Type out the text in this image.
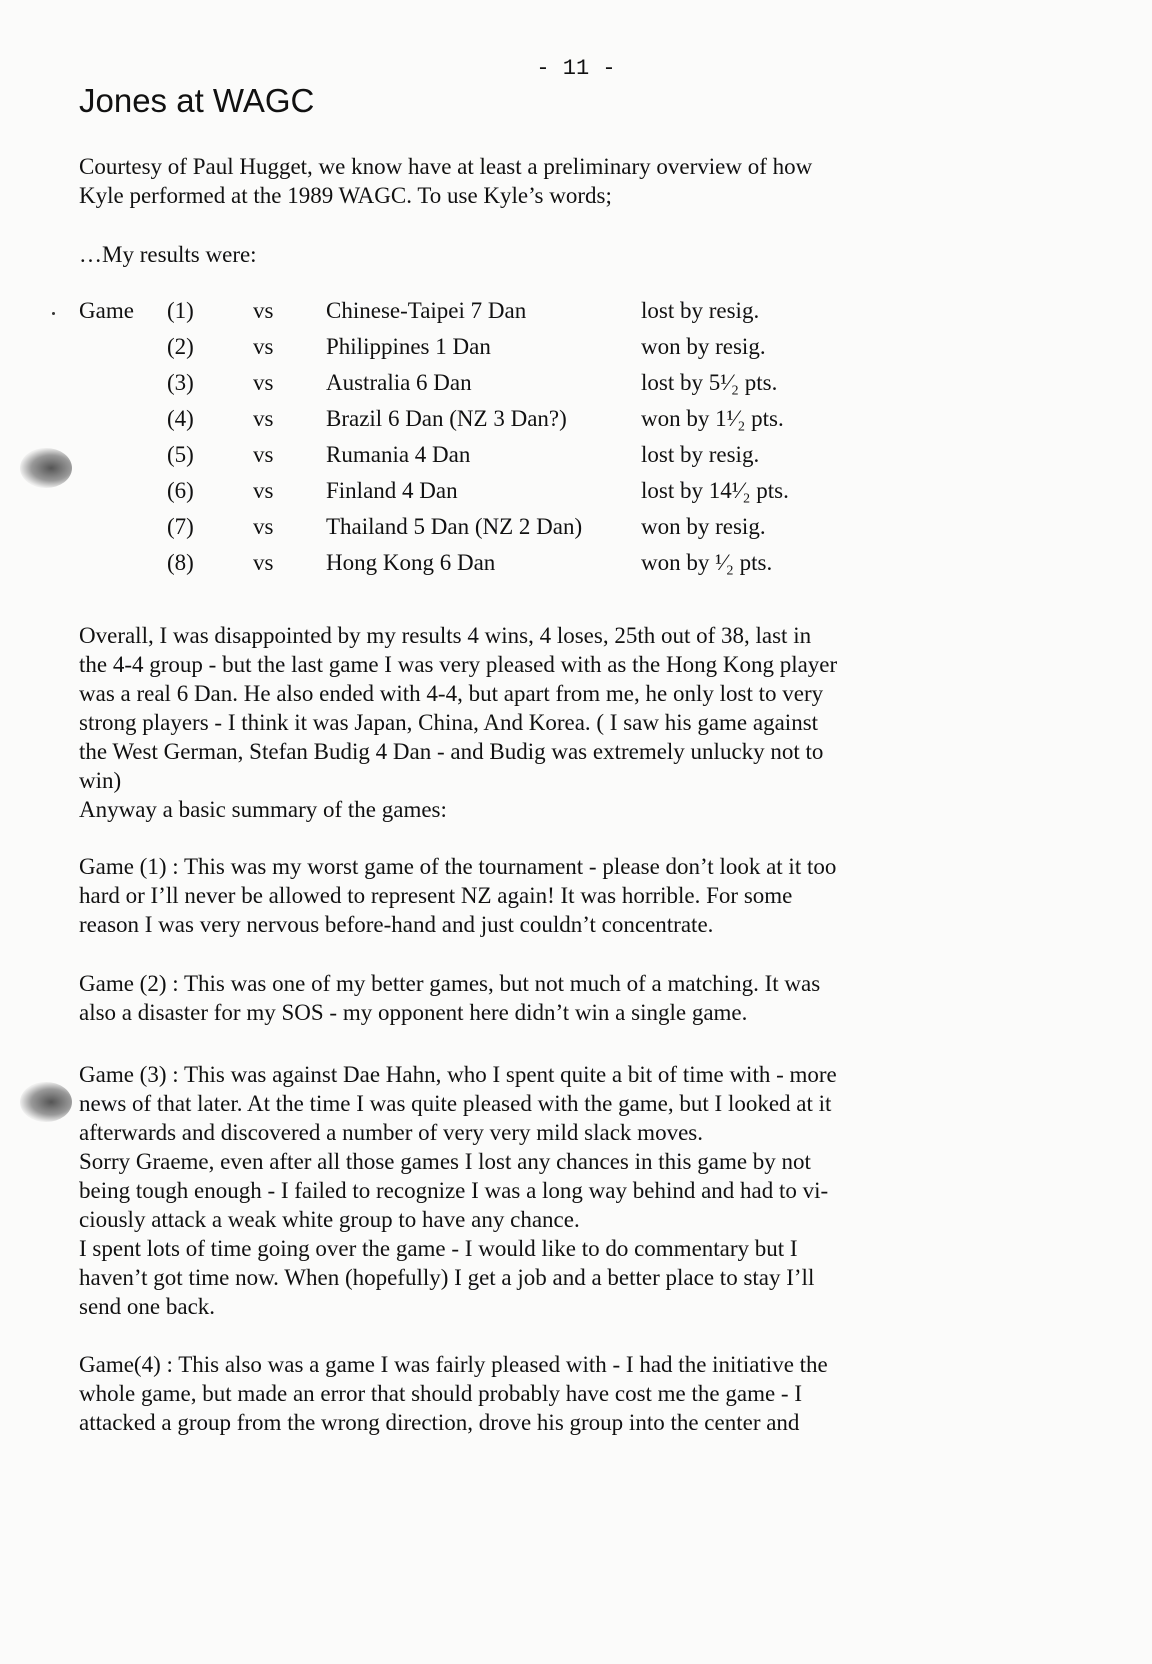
- 11 -
Jones at WAGC
Courtesy of Paul Hugget, we know have at least a preliminary overview of how
Kyle performed at the 1989 WAGC. To use Kyle’s words;
…My results were:
Game (1)	vs Chinese-Taipei 7 Dan	lost by resig.
(2)	vs Philippines 1 Dan	won by resig.
(3)	vs Australia 6 Dan	lost by 5¹⁄₂ pts.
(4)	vs Brazil 6 Dan (NZ 3 Dan?)	won by 1¹⁄₂ pts.
(5)	vs Rumania 4 Dan	lost by resig.
(6)	vs Finland 4 Dan	lost by 14¹⁄₂ pts.
(7)	vs Thailand 5 Dan (NZ 2 Dan)	won by resig.
(8)	vs Hong Kong 6 Dan	won by ¹⁄₂ pts.
Overall, I was disappointed by my results 4 wins, 4 loses, 25th out of 38, last in
the 4-4 group - but the last game I was very pleased with as the Hong Kong player
was a real 6 Dan. He also ended with 4-4, but apart from me, he only lost to very
strong players - I think it was Japan, China, And Korea. ( I saw his game against
the West German, Stefan Budig 4 Dan - and Budig was extremely unlucky not to
win)
Anyway a basic summary of the games:
Game (1) : This was my worst game of the tournament - please don’t look at it too
hard or I’ll never be allowed to represent NZ again! It was horrible. For some
reason I was very nervous before-hand and just couldn’t concentrate.
Game (2) : This was one of my better games, but not much of a matching. It was
also a disaster for my SOS - my opponent here didn’t win a single game.
Game (3) : This was against Dae Hahn, who I spent quite a bit of time with - more
news of that later. At the time I was quite pleased with the game, but I looked at it
afterwards and discovered a number of very very mild slack moves.
Sorry Graeme, even after all those games I lost any chances in this game by not
being tough enough - I failed to recognize I was a long way behind and had to vi-
ciously attack a weak white group to have any chance.
I spent lots of time going over the game - I would like to do commentary but I
haven’t got time now. When (hopefully) I get a job and a better place to stay I’ll
send one back.
Game(4) : This also was a game I was fairly pleased with - I had the initiative the
whole game, but made an error that should probably have cost me the game - I
attacked a group from the wrong direction, drove his group into the center and
